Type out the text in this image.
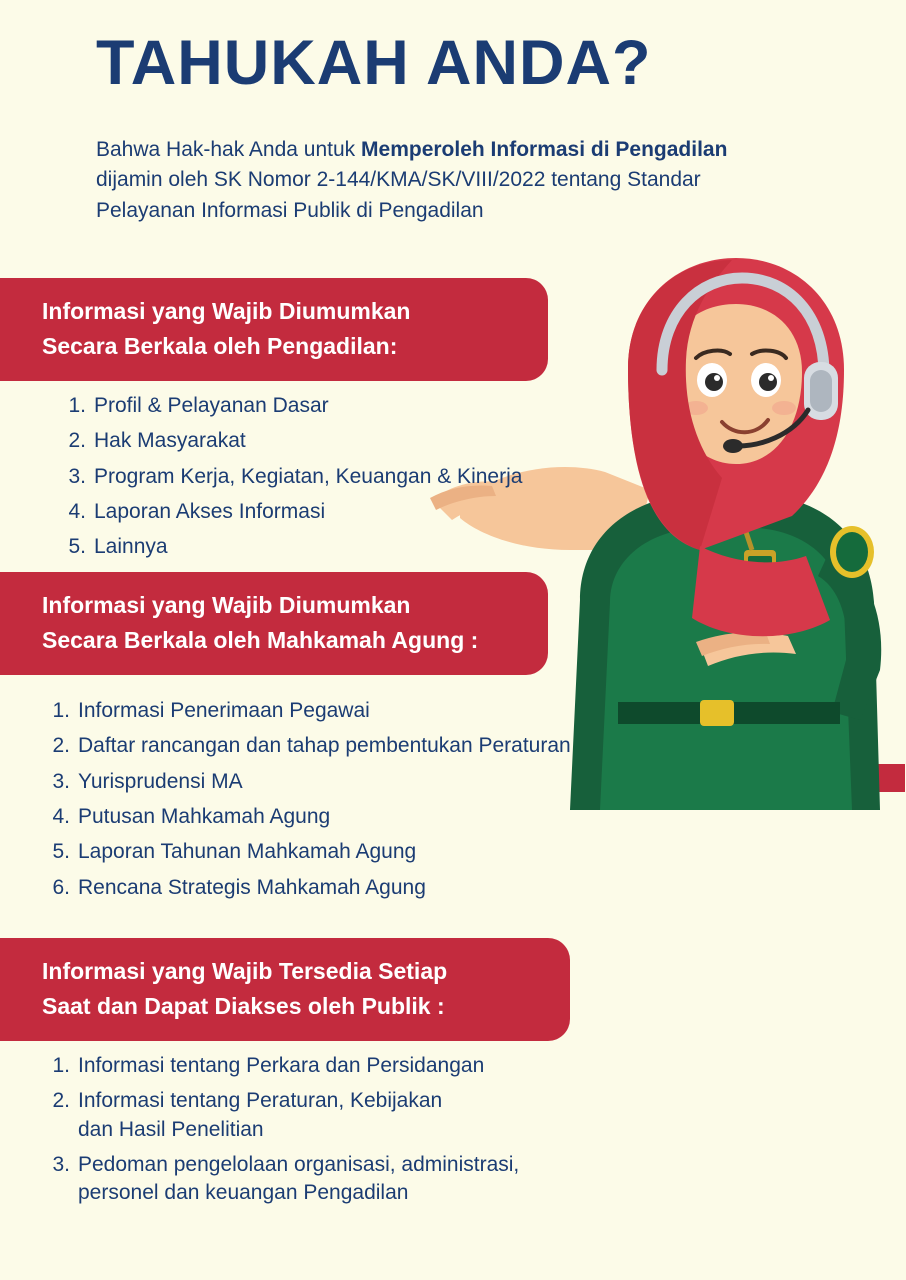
TAHUKAH ANDA?
Bahwa Hak-hak Anda untuk Memperoleh Informasi di Pengadilan dijamin oleh SK Nomor 2-144/KMA/SK/VIII/2022 tentang Standar Pelayanan Informasi Publik di Pengadilan
Informasi yang Wajib Diumumkan
Secara Berkala oleh Pengadilan:
1. Profil & Pelayanan Dasar
2. Hak Masyarakat
3. Program Kerja, Kegiatan, Keuangan & Kinerja
4. Laporan Akses Informasi
5. Lainnya
Informasi yang Wajib Diumumkan
Secara Berkala oleh Mahkamah Agung :
1. Informasi Penerimaan Pegawai
2. Daftar rancangan dan tahap pembentukan Peraturan
3. Yurisprudensi MA
4. Putusan Mahkamah Agung
5. Laporan Tahunan Mahkamah Agung
6. Rencana Strategis Mahkamah Agung
Informasi yang Wajib Tersedia Setiap
Saat dan Dapat Diakses oleh Publik :
1. Informasi tentang Perkara dan Persidangan
2. Informasi tentang Peraturan, Kebijakan
dan Hasil Penelitian
3. Pedoman pengelolaan organisasi, administrasi,
personel dan keuangan Pengadilan
